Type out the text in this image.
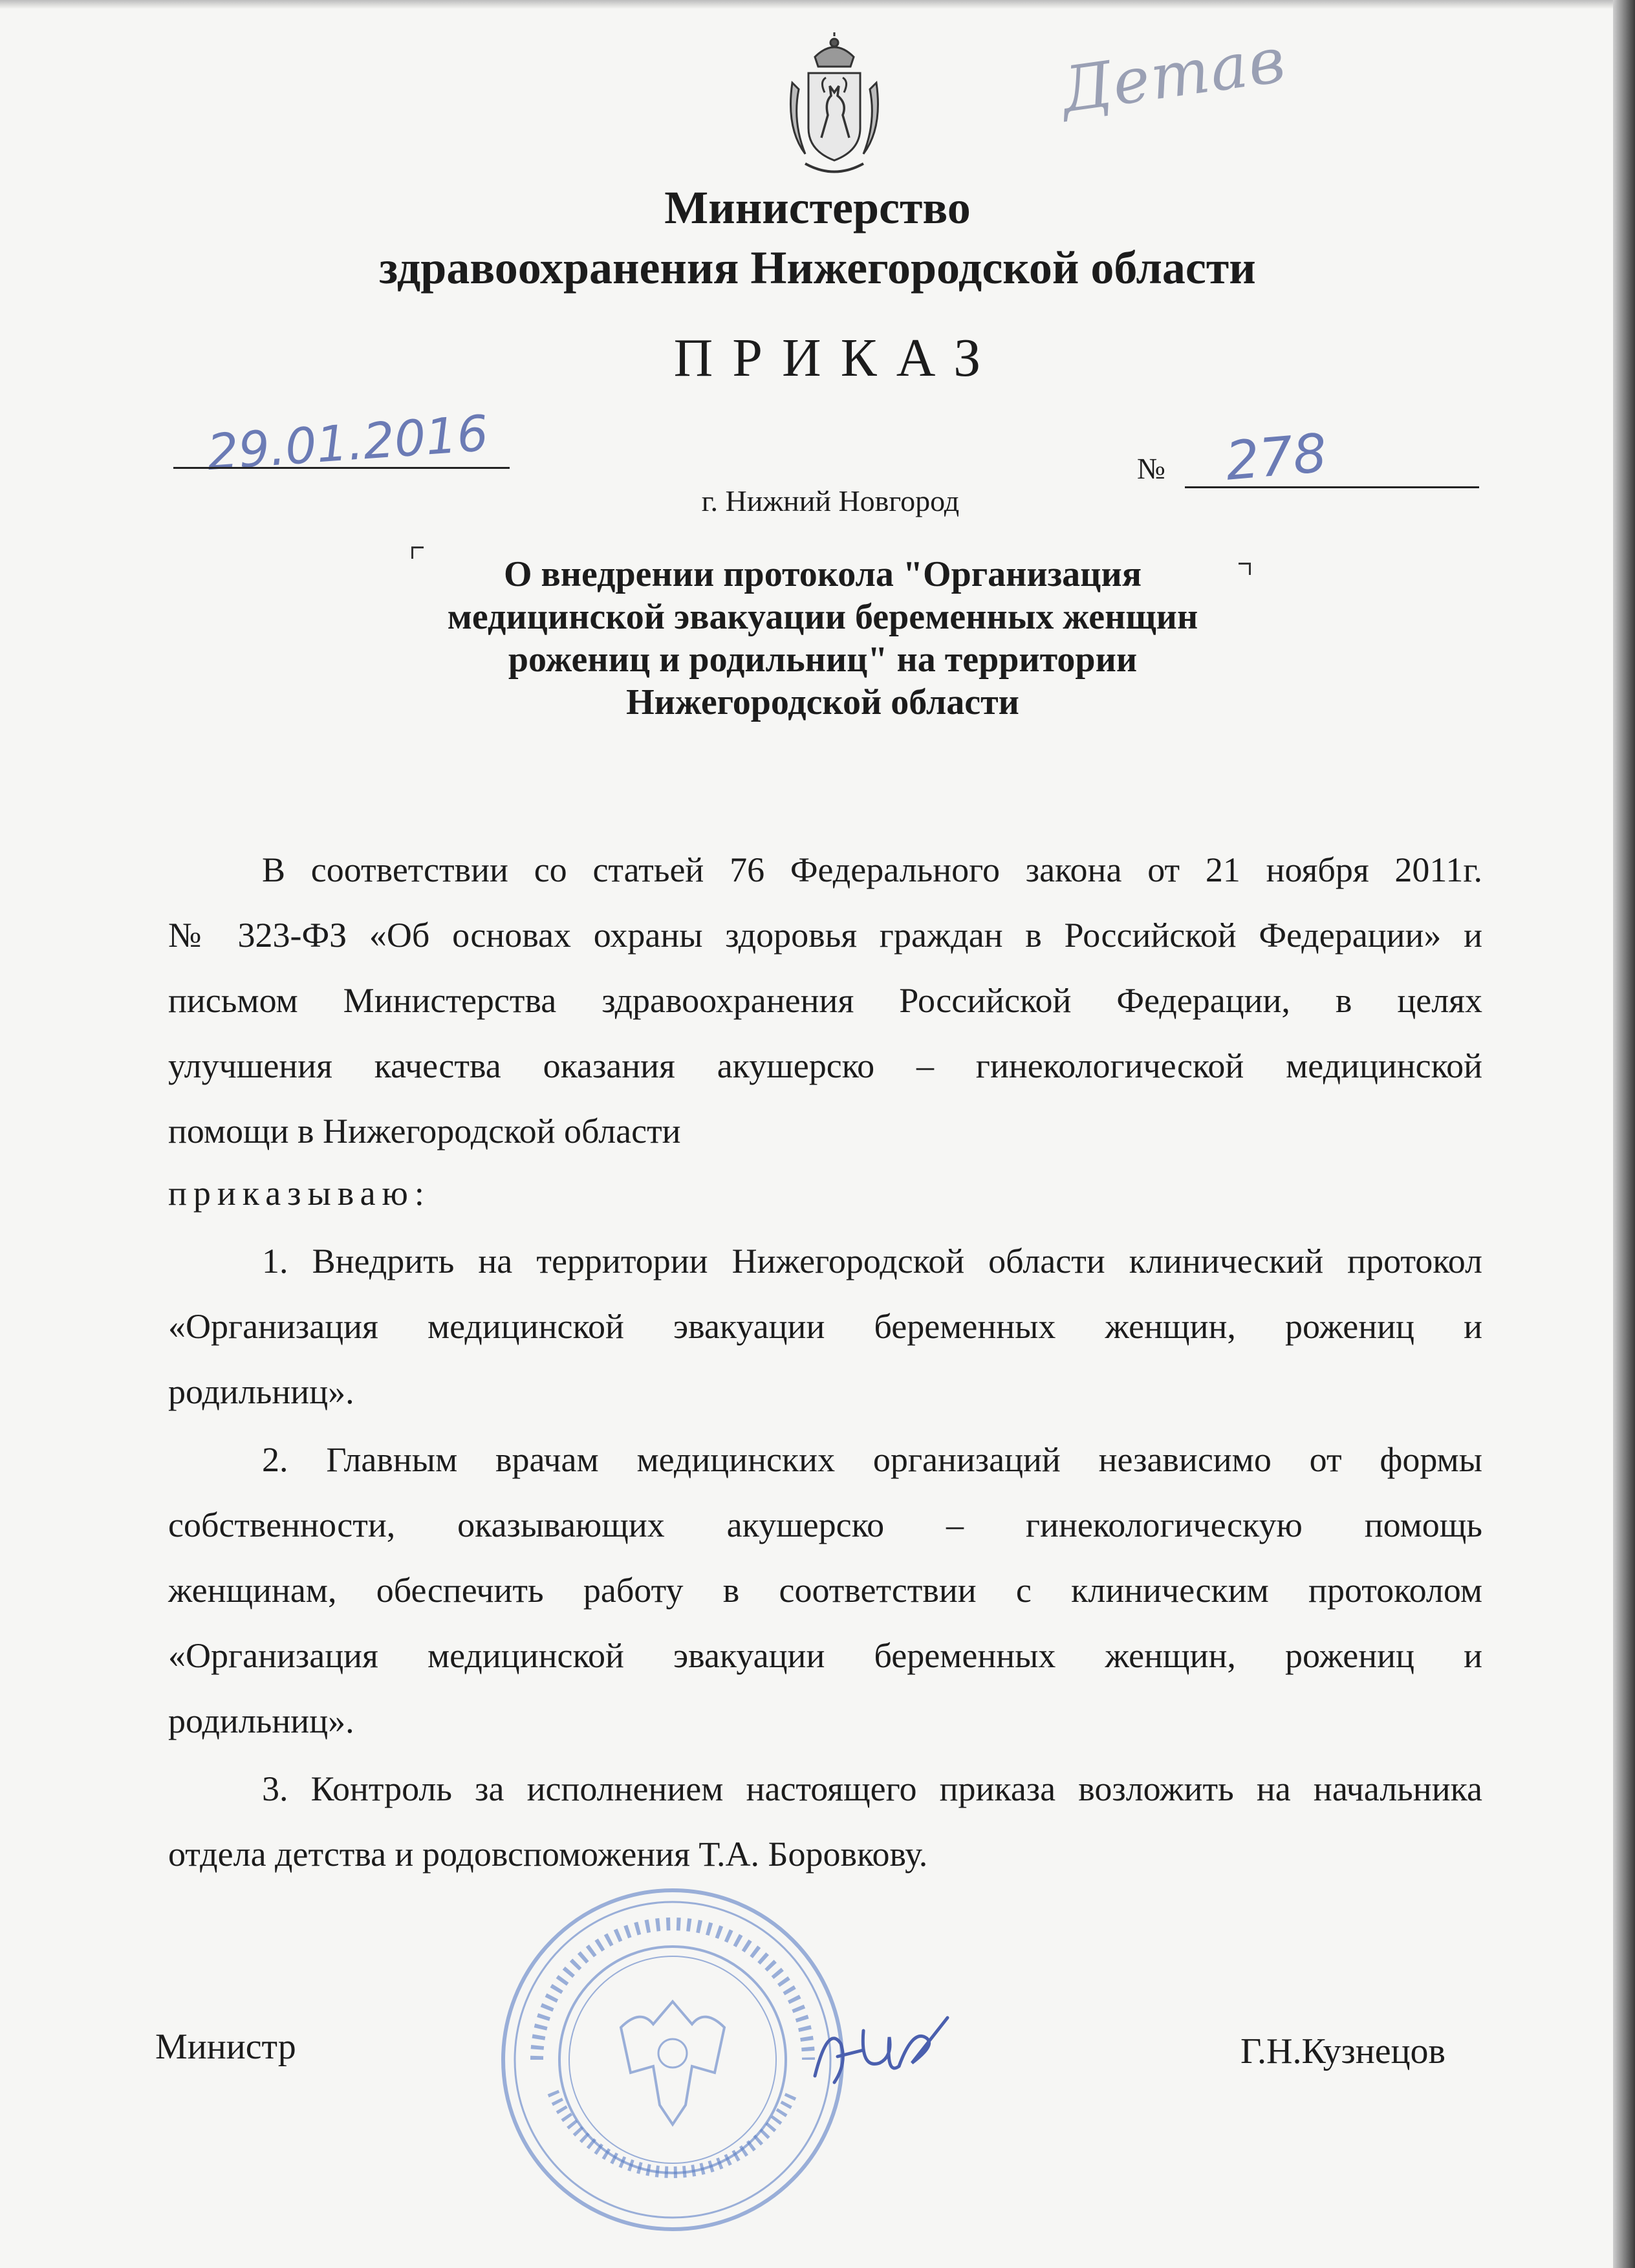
Детав
Министерство
здравоохранения Нижегородской области
ПРИКАЗ
29.01.2016	№ 278
г. Нижний Новгород
О внедрении протокола "Организация
медицинской эвакуации беременных женщин
рожениц и родильниц" на территории
Нижегородской области
В соответствии со статьей 76 Федерального закона от 21 ноября 2011г.
№ 323-ФЗ «Об основах охраны здоровья граждан в Российской Федерации» и
письмом Министерства здравоохранения Российской Федерации, в целях
улучшения качества оказания акушерско – гинекологической медицинской
помощи в Нижегородской области
приказываю:
1. Внедрить на территории Нижегородской области клинический протокол
«Организация медицинской эвакуации беременных женщин, рожениц и
родильниц».
2. Главным врачам медицинских организаций независимо от формы
собственности, оказывающих акушерско – гинекологическую помощь
женщинам, обеспечить работу в соответствии с клиническим протоколом
«Организация медицинской эвакуации беременных женщин, рожениц и
родильниц».
3. Контроль за исполнением настоящего приказа возложить на начальника
отдела детства и родовспоможения Т.А. Боровкову.
Министр	Г.Н.Кузнецов
